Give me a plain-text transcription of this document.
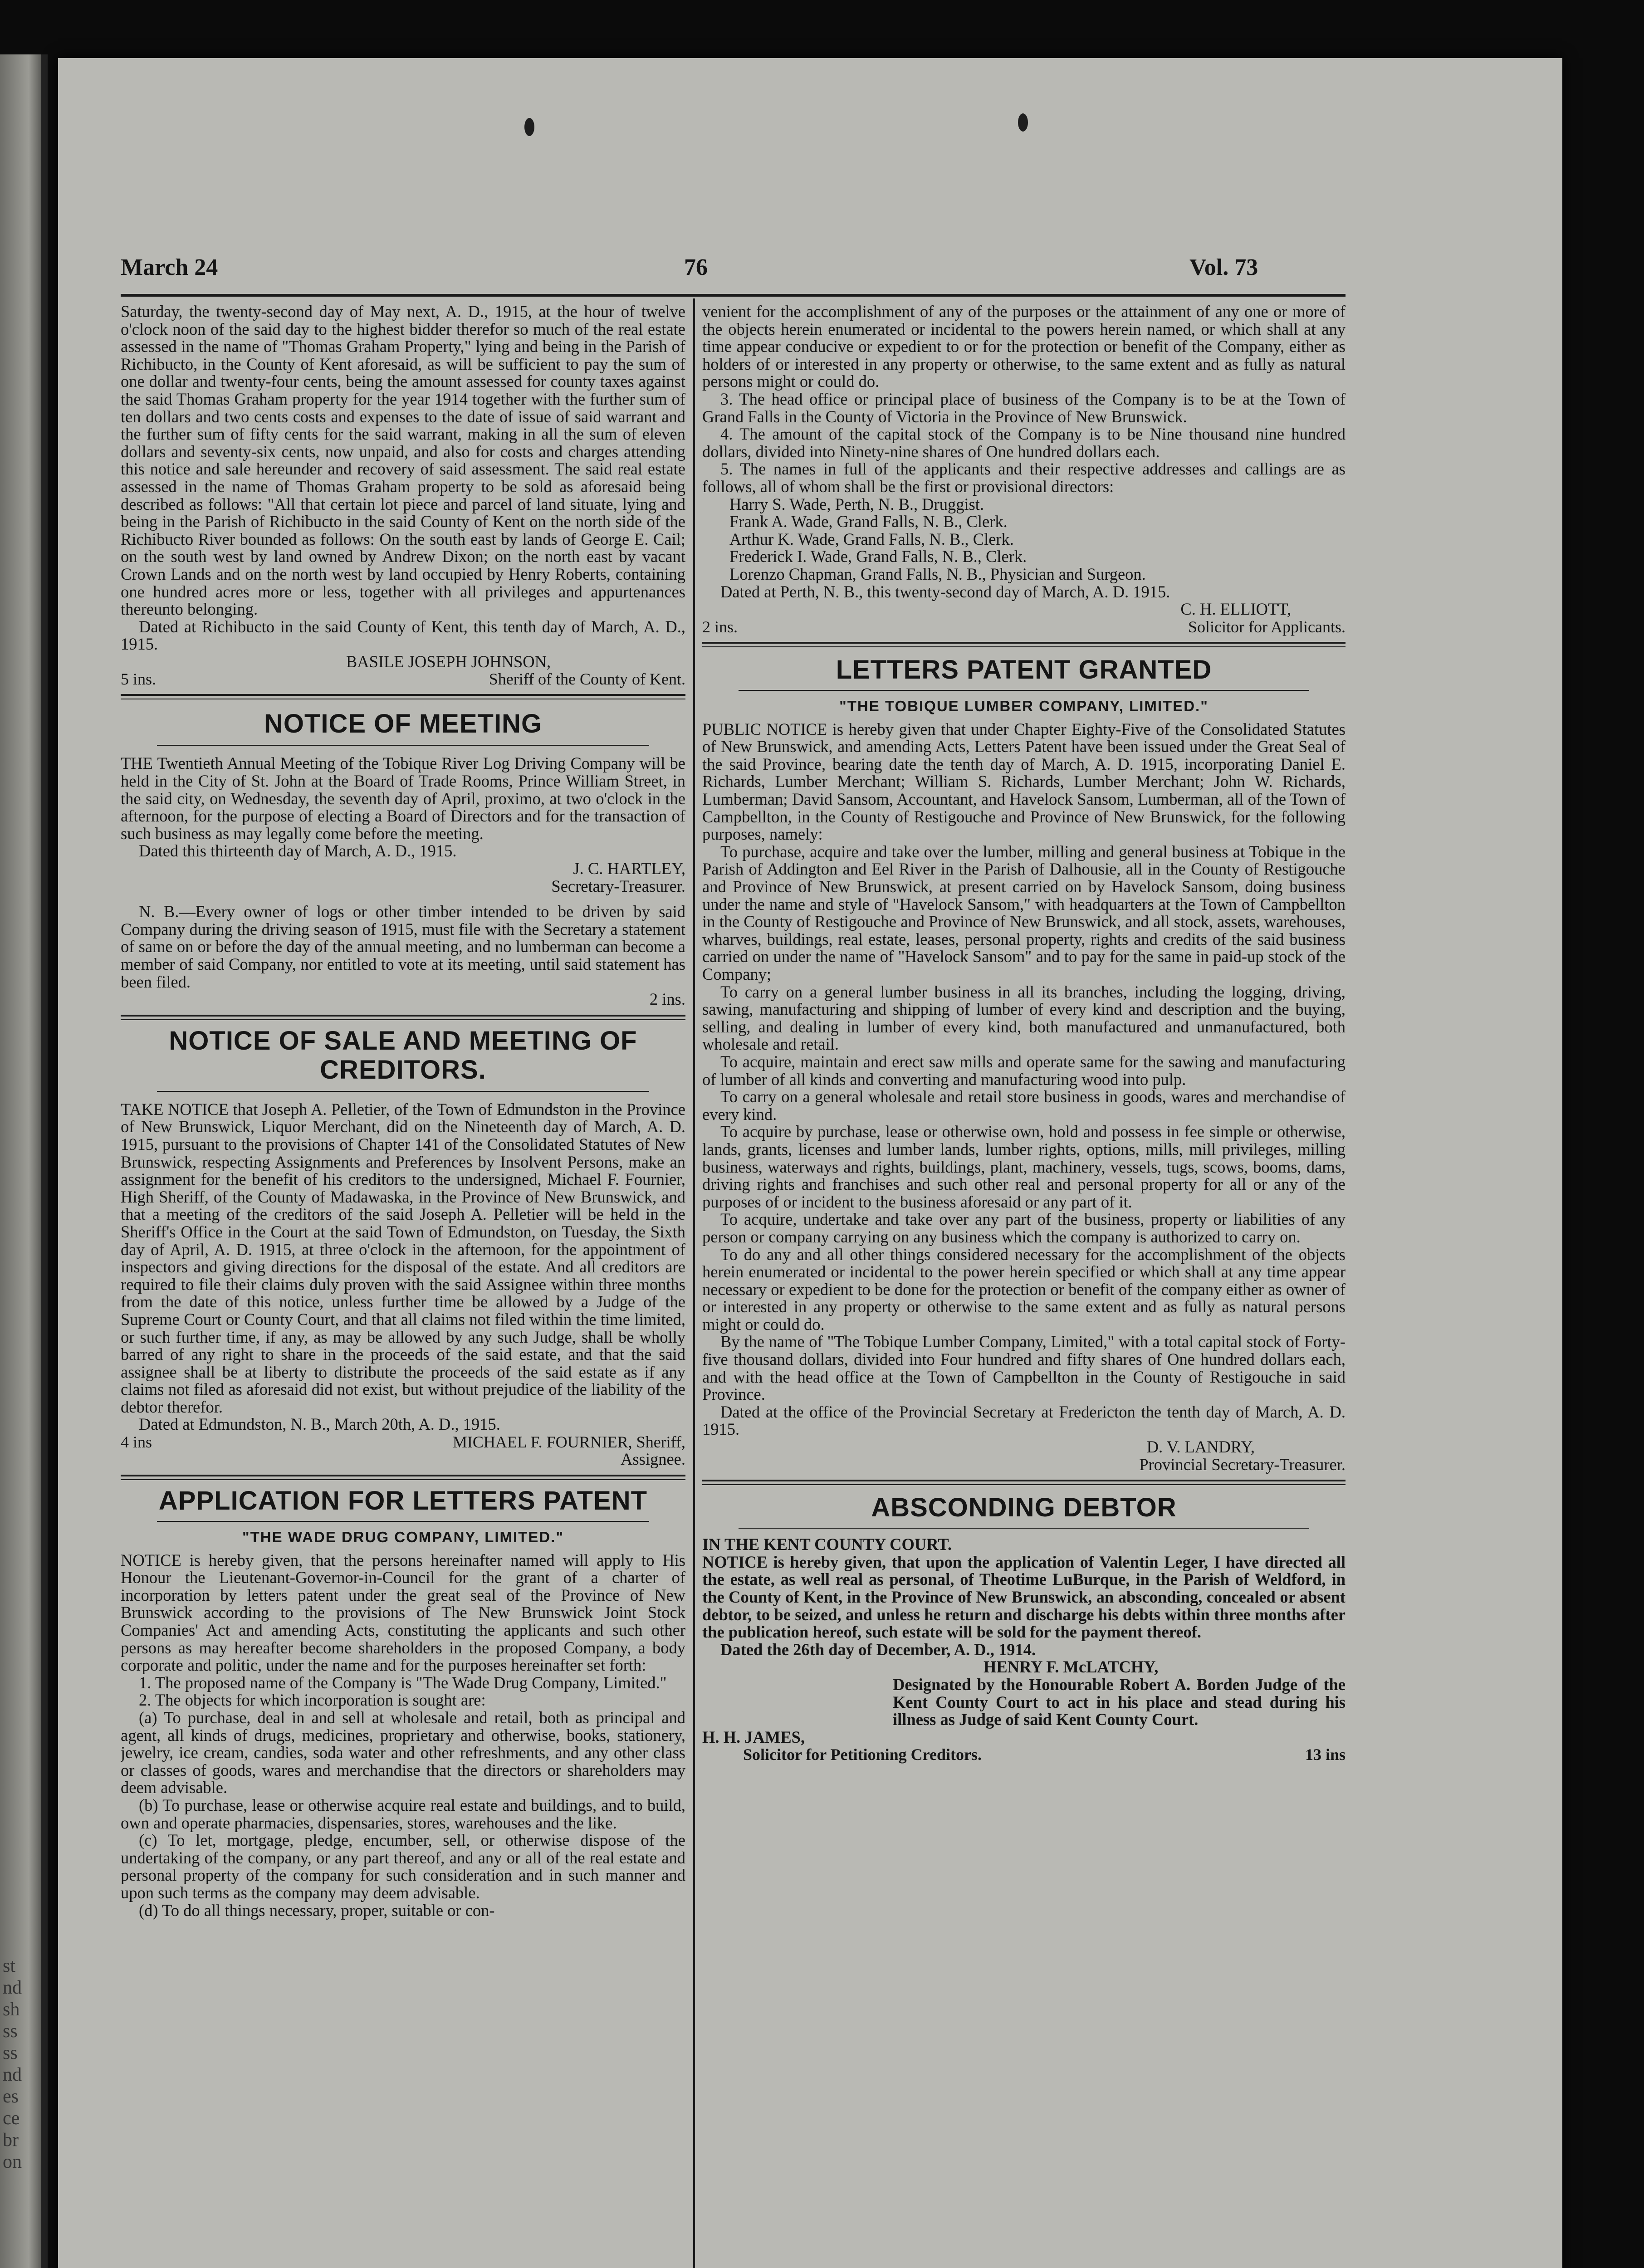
st
nd
sh
ss
ss
nd
es
ce
br
on
March 24	76	Vol. 73

Saturday, the twenty-second day of May next, A. D., 1915, at the hour of twelve o'clock noon of the said day to the highest bidder therefor so much of the real estate assessed in the name of "Thomas Graham Property," lying and being in the Parish of Richibucto, in the County of Kent aforesaid, as will be sufficient to pay the sum of one dollar and twenty-four cents, being the amount assessed for county taxes against the said Thomas Graham property for the year 1914 together with the further sum of ten dollars and two cents costs and expenses to the date of issue of said warrant and the further sum of fifty cents for the said warrant, making in all the sum of eleven dollars and seventy-six cents, now unpaid, and also for costs and charges attending this notice and sale hereunder and recovery of said assessment. The said real estate assessed in the name of Thomas Graham property to be sold as aforesaid being described as follows: "All that certain lot piece and parcel of land situate, lying and being in the Parish of Richibucto in the said County of Kent on the north side of the Richibucto River bounded as follows: On the south east by lands of George E. Cail; on the south west by land owned by Andrew Dixon; on the north east by vacant Crown Lands and on the north west by land occupied by Henry Roberts, containing one hundred acres more or less, together with all privileges and appurtenances thereunto belonging.

Dated at Richibucto in the said County of Kent, this tenth day of March, A. D., 1915.

BASILE JOSEPH JOHNSON,

5 ins.	Sheriff of the County of Kent.
NOTICE OF MEETING

THE Twentieth Annual Meeting of the Tobique River Log Driving Company will be held in the City of St. John at the Board of Trade Rooms, Prince William Street, in the said city, on Wednesday, the seventh day of April, proximo, at two o'clock in the afternoon, for the purpose of electing a Board of Directors and for the transaction of such business as may legally come before the meeting.

Dated this thirteenth day of March, A. D., 1915.

J. C. HARTLEY,

Secretary-Treasurer.

N. B.—Every owner of logs or other timber intended to be driven by said Company during the driving season of 1915, must file with the Secretary a statement of same on or before the day of the annual meeting, and no lumberman can become a member of said Company, nor entitled to vote at its meeting, until said statement has been filed.

2 ins.

NOTICE OF SALE AND MEETING OF CREDITORS.

TAKE NOTICE that Joseph A. Pelletier, of the Town of Edmundston in the Province of New Brunswick, Liquor Merchant, did on the Nineteenth day of March, A. D. 1915, pursuant to the provisions of Chapter 141 of the Consolidated Statutes of New Brunswick, respecting Assignments and Preferences by Insolvent Persons, make an assignment for the benefit of his creditors to the undersigned, Michael F. Fournier, High Sheriff, of the County of Madawaska, in the Province of New Brunswick, and that a meeting of the creditors of the said Joseph A. Pelletier will be held in the Sheriff's Office in the Court at the said Town of Edmundston, on Tuesday, the Sixth day of April, A. D. 1915, at three o'clock in the afternoon, for the appointment of inspectors and giving directions for the disposal of the estate. And all creditors are required to file their claims duly proven with the said Assignee within three months from the date of this notice, unless further time be allowed by a Judge of the Supreme Court or County Court, and that all claims not filed within the time limited, or such further time, if any, as may be allowed by any such Judge, shall be wholly barred of any right to share in the proceeds of the said estate, and that the said assignee shall be at liberty to distribute the proceeds of the said estate as if any claims not filed as aforesaid did not exist, but without prejudice of the liability of the debtor therefor.

Dated at Edmundston, N. B., March 20th, A. D., 1915.

4 ins	MICHAEL F. FOURNIER, Sheriff,

Assignee.

APPLICATION FOR LETTERS PATENT

"THE WADE DRUG COMPANY, LIMITED."

NOTICE is hereby given, that the persons hereinafter named will apply to His Honour the Lieutenant-Governor-in-Council for the grant of a charter of incorporation by letters patent under the great seal of the Province of New Brunswick according to the provisions of The New Brunswick Joint Stock Companies' Act and amending Acts, constituting the applicants and such other persons as may hereafter become shareholders in the proposed Company, a body corporate and politic, under the name and for the purposes hereinafter set forth:

1. The proposed name of the Company is "The Wade Drug Company, Limited."

2. The objects for which incorporation is sought are:

(a) To purchase, deal in and sell at wholesale and retail, both as principal and agent, all kinds of drugs, medicines, proprietary and otherwise, books, stationery, jewelry, ice cream, candies, soda water and other refreshments, and any other class or classes of goods, wares and merchandise that the directors or shareholders may deem advisable.

(b) To purchase, lease or otherwise acquire real estate and buildings, and to build, own and operate pharmacies, dispensaries, stores, warehouses and the like.

(c) To let, mortgage, pledge, encumber, sell, or otherwise dispose of the undertaking of the company, or any part thereof, and any or all of the real estate and personal property of the company for such consideration and in such manner and upon such terms as the company may deem advisable.

(d) To do all things necessary, proper, suitable or con-

venient for the accomplishment of any of the purposes or the attainment of any one or more of the objects herein enumerated or incidental to the powers herein named, or which shall at any time appear conducive or expedient to or for the protection or benefit of the Company, either as holders of or interested in any property or otherwise, to the same extent and as fully as natural persons might or could do.

3. The head office or principal place of business of the Company is to be at the Town of Grand Falls in the County of Victoria in the Province of New Brunswick.

4. The amount of the capital stock of the Company is to be Nine thousand nine hundred dollars, divided into Ninety-nine shares of One hundred dollars each.

5. The names in full of the applicants and their respective addresses and callings are as follows, all of whom shall be the first or provisional directors:

Harry S. Wade, Perth, N. B., Druggist.

Frank A. Wade, Grand Falls, N. B., Clerk.

Arthur K. Wade, Grand Falls, N. B., Clerk.

Frederick I. Wade, Grand Falls, N. B., Clerk.

Lorenzo Chapman, Grand Falls, N. B., Physician and Surgeon.

Dated at Perth, N. B., this twenty-second day of March, A. D. 1915.

C. H. ELLIOTT,

2 ins.	Solicitor for Applicants.
LETTERS PATENT GRANTED

"THE TOBIQUE LUMBER COMPANY, LIMITED."

PUBLIC NOTICE is hereby given that under Chapter Eighty-Five of the Consolidated Statutes of New Brunswick, and amending Acts, Letters Patent have been issued under the Great Seal of the said Province, bearing date the tenth day of March, A. D. 1915, incorporating Daniel E. Richards, Lumber Merchant; William S. Richards, Lumber Merchant; John W. Richards, Lumberman; David Sansom, Accountant, and Havelock Sansom, Lumberman, all of the Town of Campbellton, in the County of Restigouche and Province of New Brunswick, for the following purposes, namely:

To purchase, acquire and take over the lumber, milling and general business at Tobique in the Parish of Addington and Eel River in the Parish of Dalhousie, all in the County of Restigouche and Province of New Brunswick, at present carried on by Havelock Sansom, doing business under the name and style of "Havelock Sansom," with headquarters at the Town of Campbellton in the County of Restigouche and Province of New Brunswick, and all stock, assets, warehouses, wharves, buildings, real estate, leases, personal property, rights and credits of the said business carried on under the name of "Havelock Sansom" and to pay for the same in paid-up stock of the Company;

To carry on a general lumber business in all its branches, including the logging, driving, sawing, manufacturing and shipping of lumber of every kind and description and the buying, selling, and dealing in lumber of every kind, both manufactured and unmanufactured, both wholesale and retail.

To acquire, maintain and erect saw mills and operate same for the sawing and manufacturing of lumber of all kinds and converting and manufacturing wood into pulp.

To carry on a general wholesale and retail store business in goods, wares and merchandise of every kind.

To acquire by purchase, lease or otherwise own, hold and possess in fee simple or otherwise, lands, grants, licenses and lumber lands, lumber rights, options, mills, mill privileges, milling business, waterways and rights, buildings, plant, machinery, vessels, tugs, scows, booms, dams, driving rights and franchises and such other real and personal property for all or any of the purposes of or incident to the business aforesaid or any part of it.

To acquire, undertake and take over any part of the business, property or liabilities of any person or company carrying on any business which the company is authorized to carry on.

To do any and all other things considered necessary for the accomplishment of the objects herein enumerated or incidental to the power herein specified or which shall at any time appear necessary or expedient to be done for the protection or benefit of the company either as owner of or interested in any property or otherwise to the same extent and as fully as natural persons might or could do.

By the name of "The Tobique Lumber Company, Limited," with a total capital stock of Forty-five thousand dollars, divided into Four hundred and fifty shares of One hundred dollars each, and with the head office at the Town of Campbellton in the County of Restigouche in said Province.

Dated at the office of the Provincial Secretary at Fredericton the tenth day of March, A. D. 1915.

D. V. LANDRY,

Provincial Secretary-Treasurer.

ABSCONDING DEBTOR

IN THE KENT COUNTY COURT.

NOTICE is hereby given, that upon the application of Valentin Leger, I have directed all the estate, as well real as personal, of Theotime LuBurque, in the Parish of Weldford, in the County of Kent, in the Province of New Brunswick, an absconding, concealed or absent debtor, to be seized, and unless he return and discharge his debts within three months after the publication hereof, such estate will be sold for the payment thereof.

Dated the 26th day of December, A. D., 1914.

HENRY F. McLATCHY,

Designated by the Honourable Robert A. Borden Judge of the Kent County Court to act in his place and stead during his illness as Judge of said Kent County Court.

H. H. JAMES,

Solicitor for Petitioning Creditors.	13 ins
